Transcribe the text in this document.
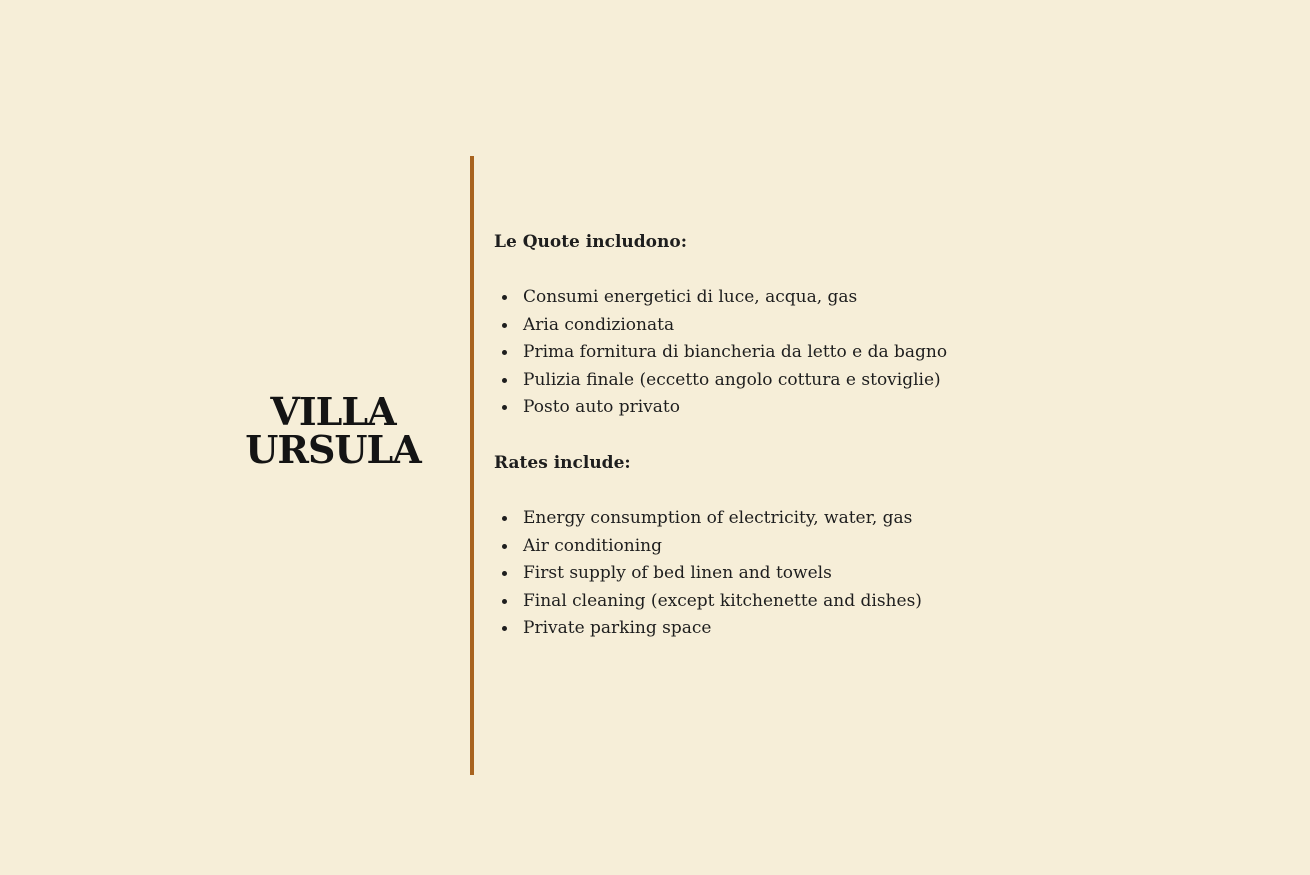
VILLA
URSULA

Le Quote includono:

Consumi energetici di luce, acqua, gas
Aria condizionata
Prima fornitura di biancheria da letto e da bagno
Pulizia finale (eccetto angolo cottura e stoviglie)
Posto auto privato

Rates include:

Energy consumption of electricity, water, gas
Air conditioning
First supply of bed linen and towels
Final cleaning (except kitchenette and dishes)
Private parking space
